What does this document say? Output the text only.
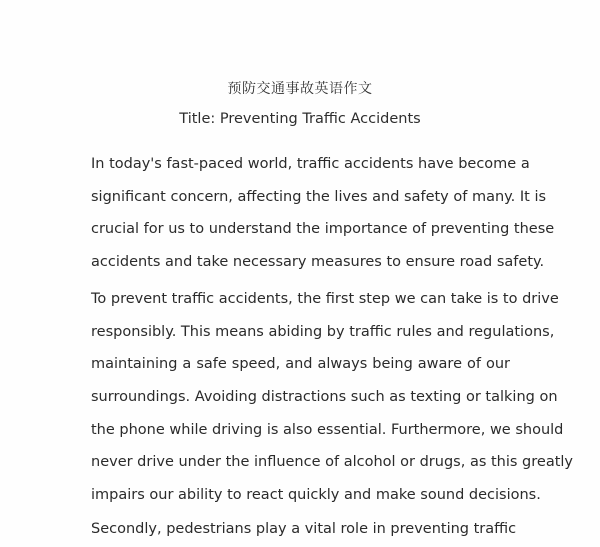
预防交通事故英语作文
Title: Preventing Traffic Accidents
In today's fast-paced world, traffic accidents have become a
significant concern, affecting the lives and safety of many. It is
crucial for us to understand the importance of preventing these
accidents and take necessary measures to ensure road safety.
To prevent traffic accidents, the first step we can take is to drive
responsibly. This means abiding by traffic rules and regulations,
maintaining a safe speed, and always being aware of our
surroundings. Avoiding distractions such as texting or talking on
the phone while driving is also essential. Furthermore, we should
never drive under the influence of alcohol or drugs, as this greatly
impairs our ability to react quickly and make sound decisions.
Secondly, pedestrians play a vital role in preventing traffic
